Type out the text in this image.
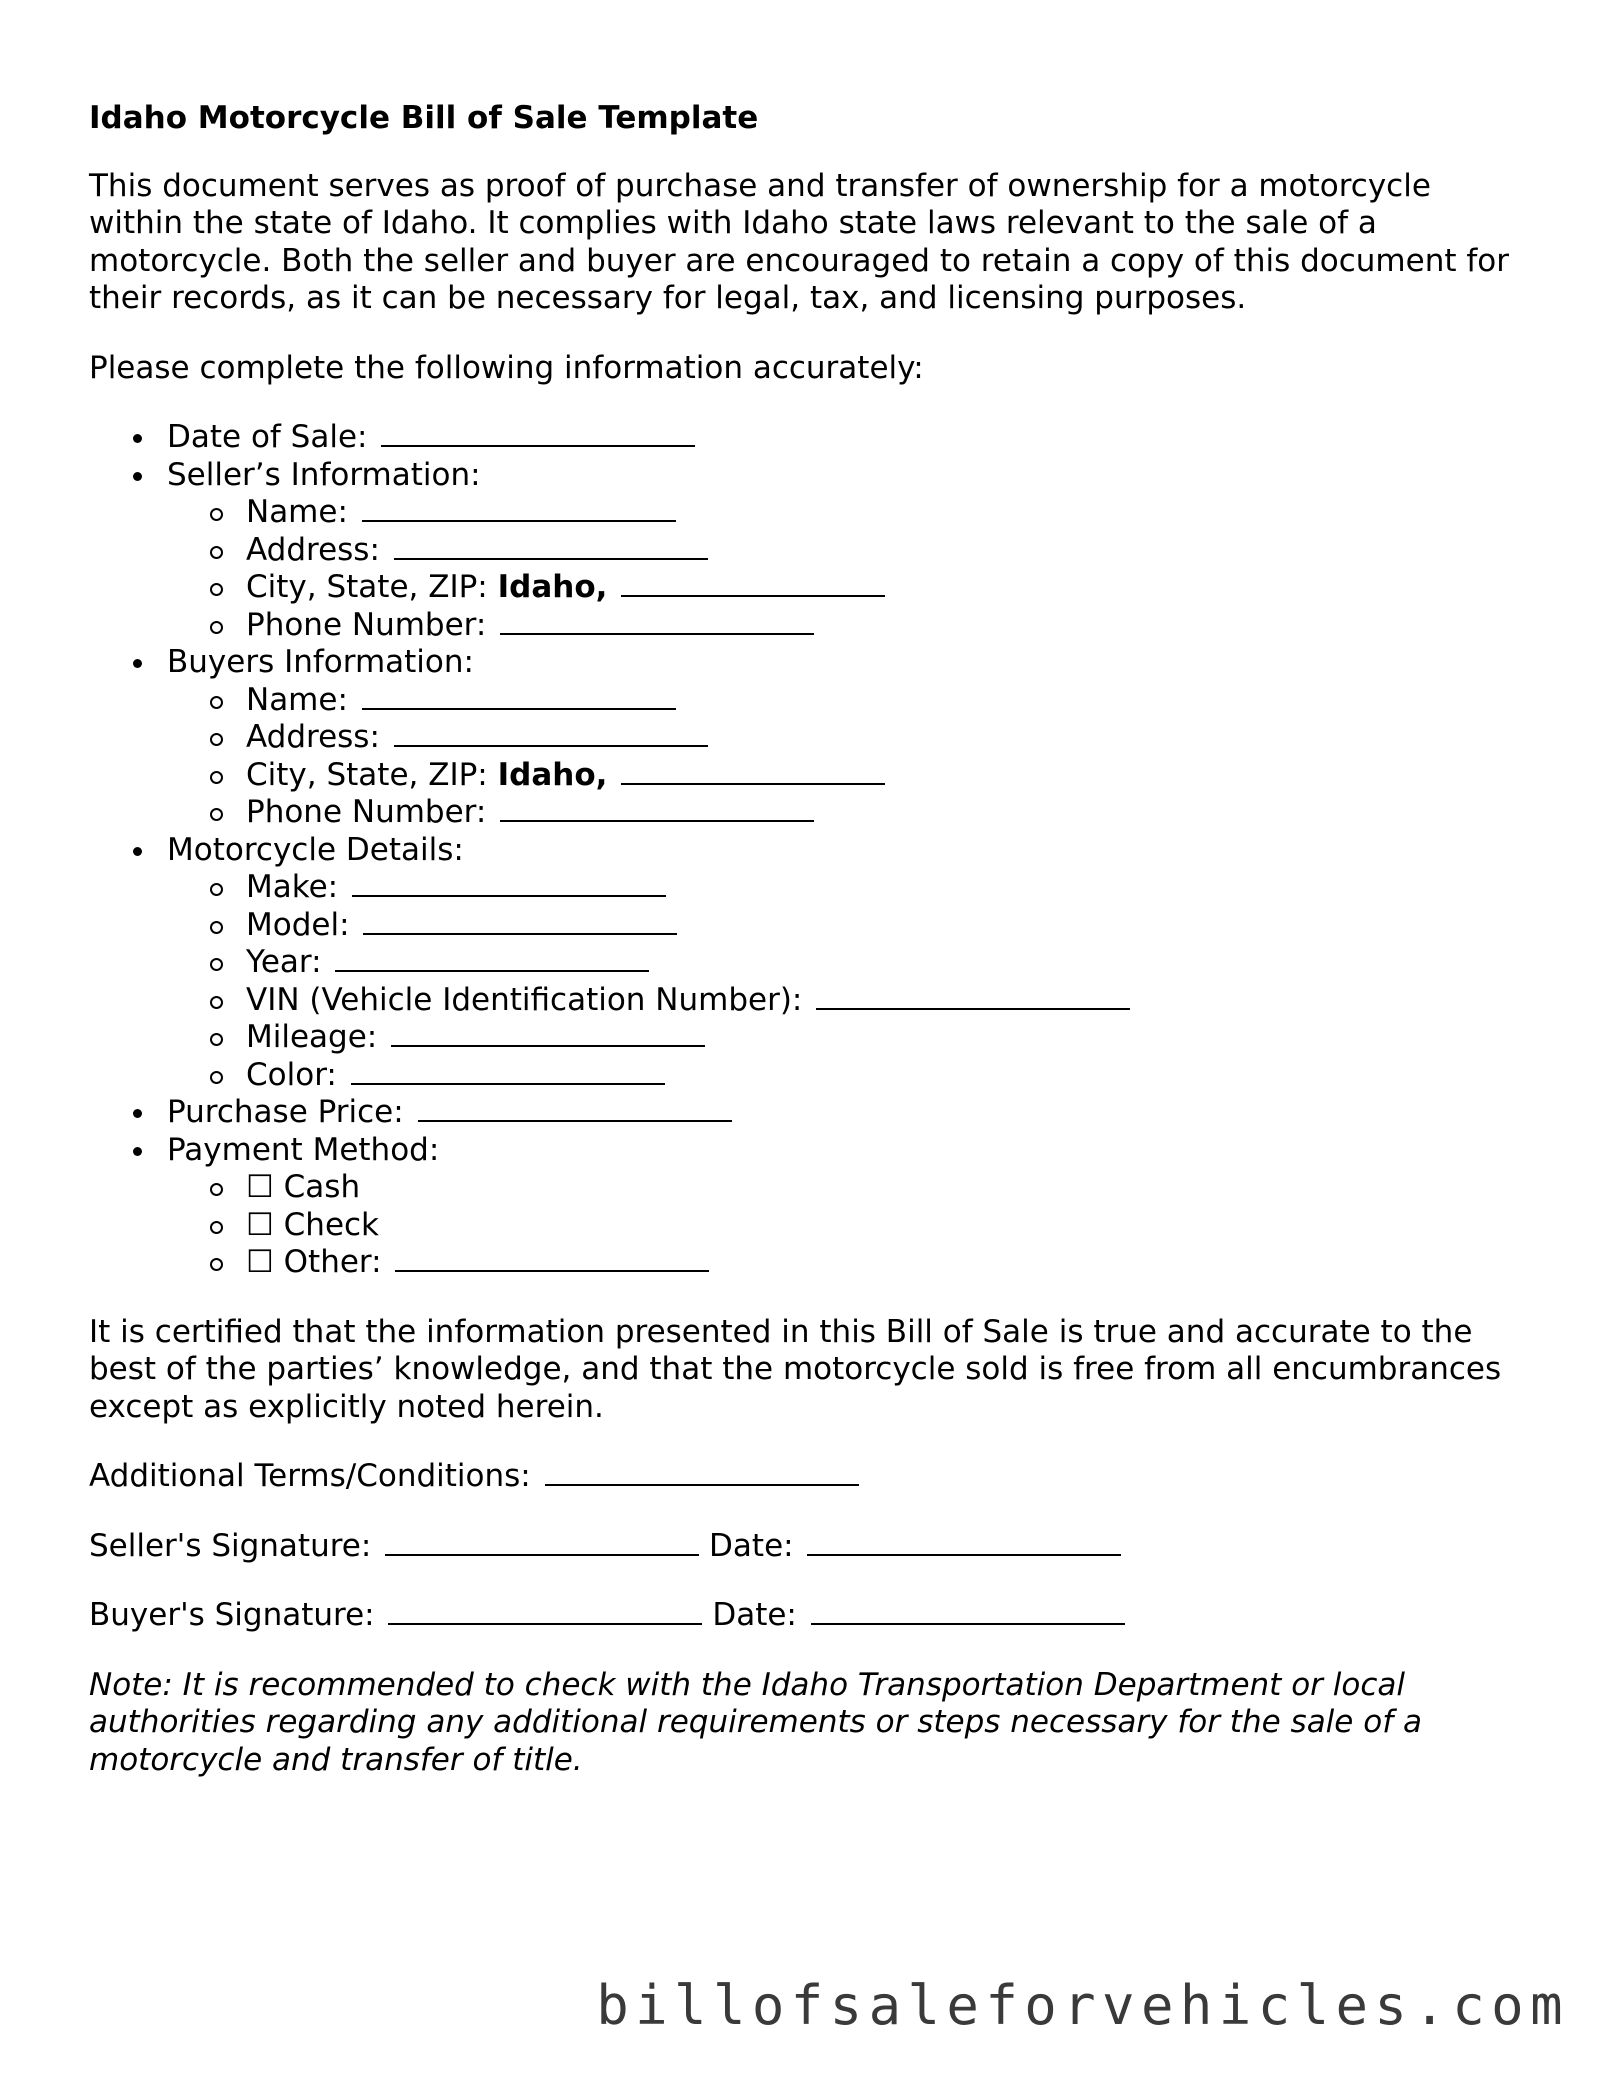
Idaho Motorcycle Bill of Sale Template

This document serves as proof of purchase and transfer of ownership for a motorcycle within the state of Idaho. It complies with Idaho state laws relevant to the sale of a motorcycle. Both the seller and buyer are encouraged to retain a copy of this document for their records, as it can be necessary for legal, tax, and licensing purposes.

Please complete the following information accurately:

Date of Sale:
Seller’s Information:
Name:
Address:
City, State, ZIP: Idaho,
Phone Number:
Buyers Information:
Name:
Address:
City, State, ZIP: Idaho,
Phone Number:
Motorcycle Details:
Make:
Model:
Year:
VIN (Vehicle Identification Number):
Mileage:
Color:
Purchase Price:
Payment Method:
☐ Cash
☐ Check
☐ Other:

It is certified that the information presented in this Bill of Sale is true and accurate to the best of the parties’ knowledge, and that the motorcycle sold is free from all encumbrances except as explicitly noted herein.

Additional Terms/Conditions:

Seller's Signature:	Date:

Buyer's Signature:	Date:

Note: It is recommended to check with the Idaho Transportation Department or local authorities regarding any additional requirements or steps necessary for the sale of a motorcycle and transfer of title.

billofsaleforvehicles.com
